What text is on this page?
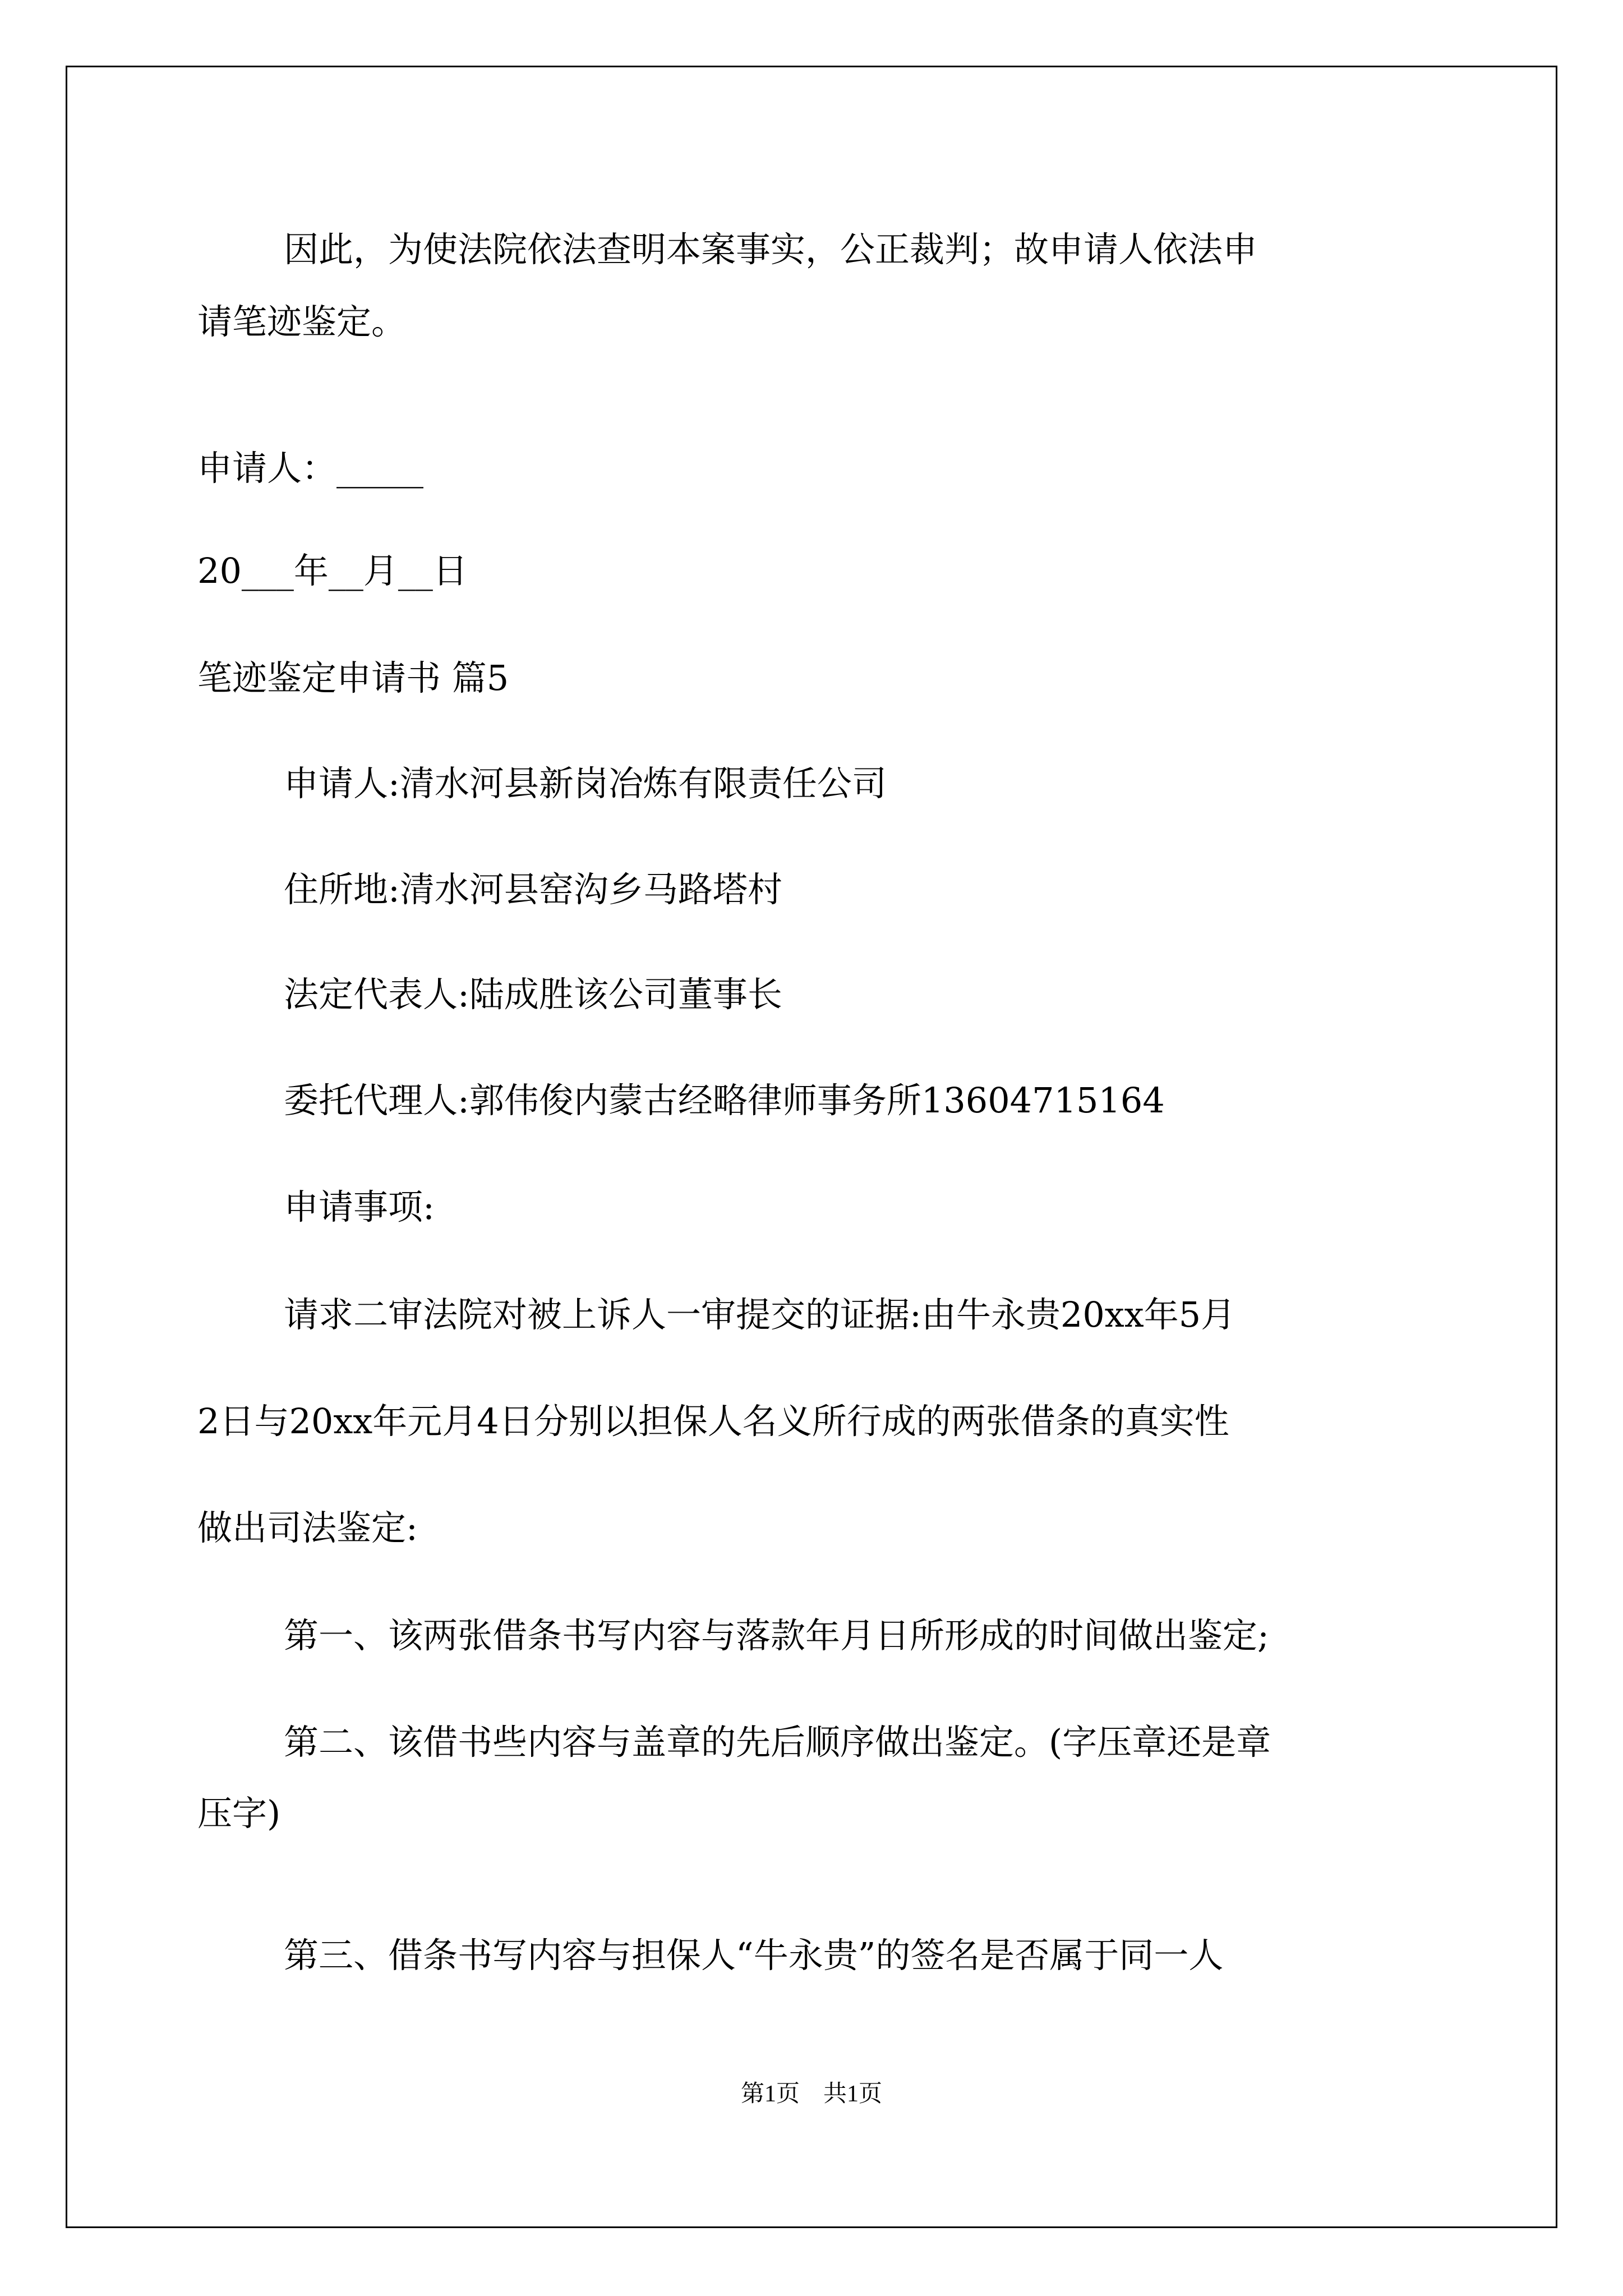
因此，为使法院依法查明本案事实，公正裁判；故申请人依法申

请笔迹鉴定。

申请人：_____

20___年__月__日

笔迹鉴定申请书 篇5

申请人:清水河县新岗冶炼有限责任公司

住所地:清水河县窑沟乡马路塔村

法定代表人:陆成胜该公司董事长

委托代理人:郭伟俊内蒙古经略律师事务所13604715164

申请事项:

请求二审法院对被上诉人一审提交的证据:由牛永贵20xx年5月

2日与20xx年元月4日分别以担保人名义所行成的两张借条的真实性

做出司法鉴定:

第一、该两张借条书写内容与落款年月日所形成的时间做出鉴定;

第二、该借书些内容与盖章的先后顺序做出鉴定。(字压章还是章

压字)

第三、借条书写内容与担保人“牛永贵”的签名是否属于同一人

第1页　共1页
